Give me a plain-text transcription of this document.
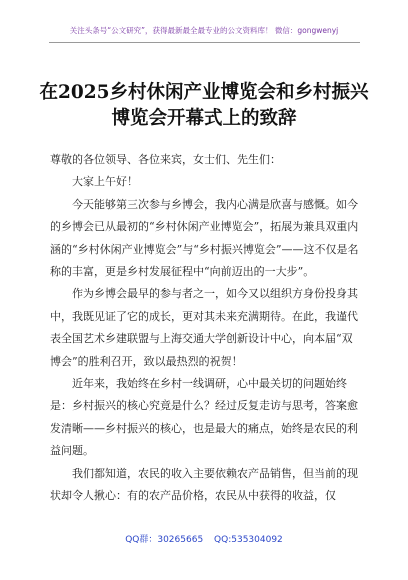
关注头条号“公文研究”，获得最新最全最专业的公文资料库！ 微信：gongwenyj
在2025乡村休闲产业博览会和乡村振兴
博览会开幕式上的致辞

尊敬的各位领导、各位来宾，女士们、先生们：

大家上午好！

今天能够第三次参与乡博会，我内心满是欣喜与感慨。如今的乡博会已从最初的“乡村休闲产业博览会”，拓展为兼具双重内涵的“乡村休闲产业博览会”与“乡村振兴博览会”——这不仅是名称的丰富，更是乡村发展征程中“向前迈出的一大步”。

作为乡博会最早的参与者之一，如今又以组织方身份投身其中，我既见证了它的成长，更对其未来充满期待。在此，我谨代表全国艺术乡建联盟与上海交通大学创新设计中心，向本届“双博会”的胜利召开，致以最热烈的祝贺！

近年来，我始终在乡村一线调研，心中最关切的问题始终是：乡村振兴的核心究竟是什么？经过反复走访与思考，答案愈发清晰——乡村振兴的核心，也是最大的痛点，始终是农民的利益问题。

我们都知道，农民的收入主要依赖农产品销售，但当前的现状却令人揪心：有的农产品价格，农民从中获得的收益，仅

QQ群：30265665 QQ:535304092
